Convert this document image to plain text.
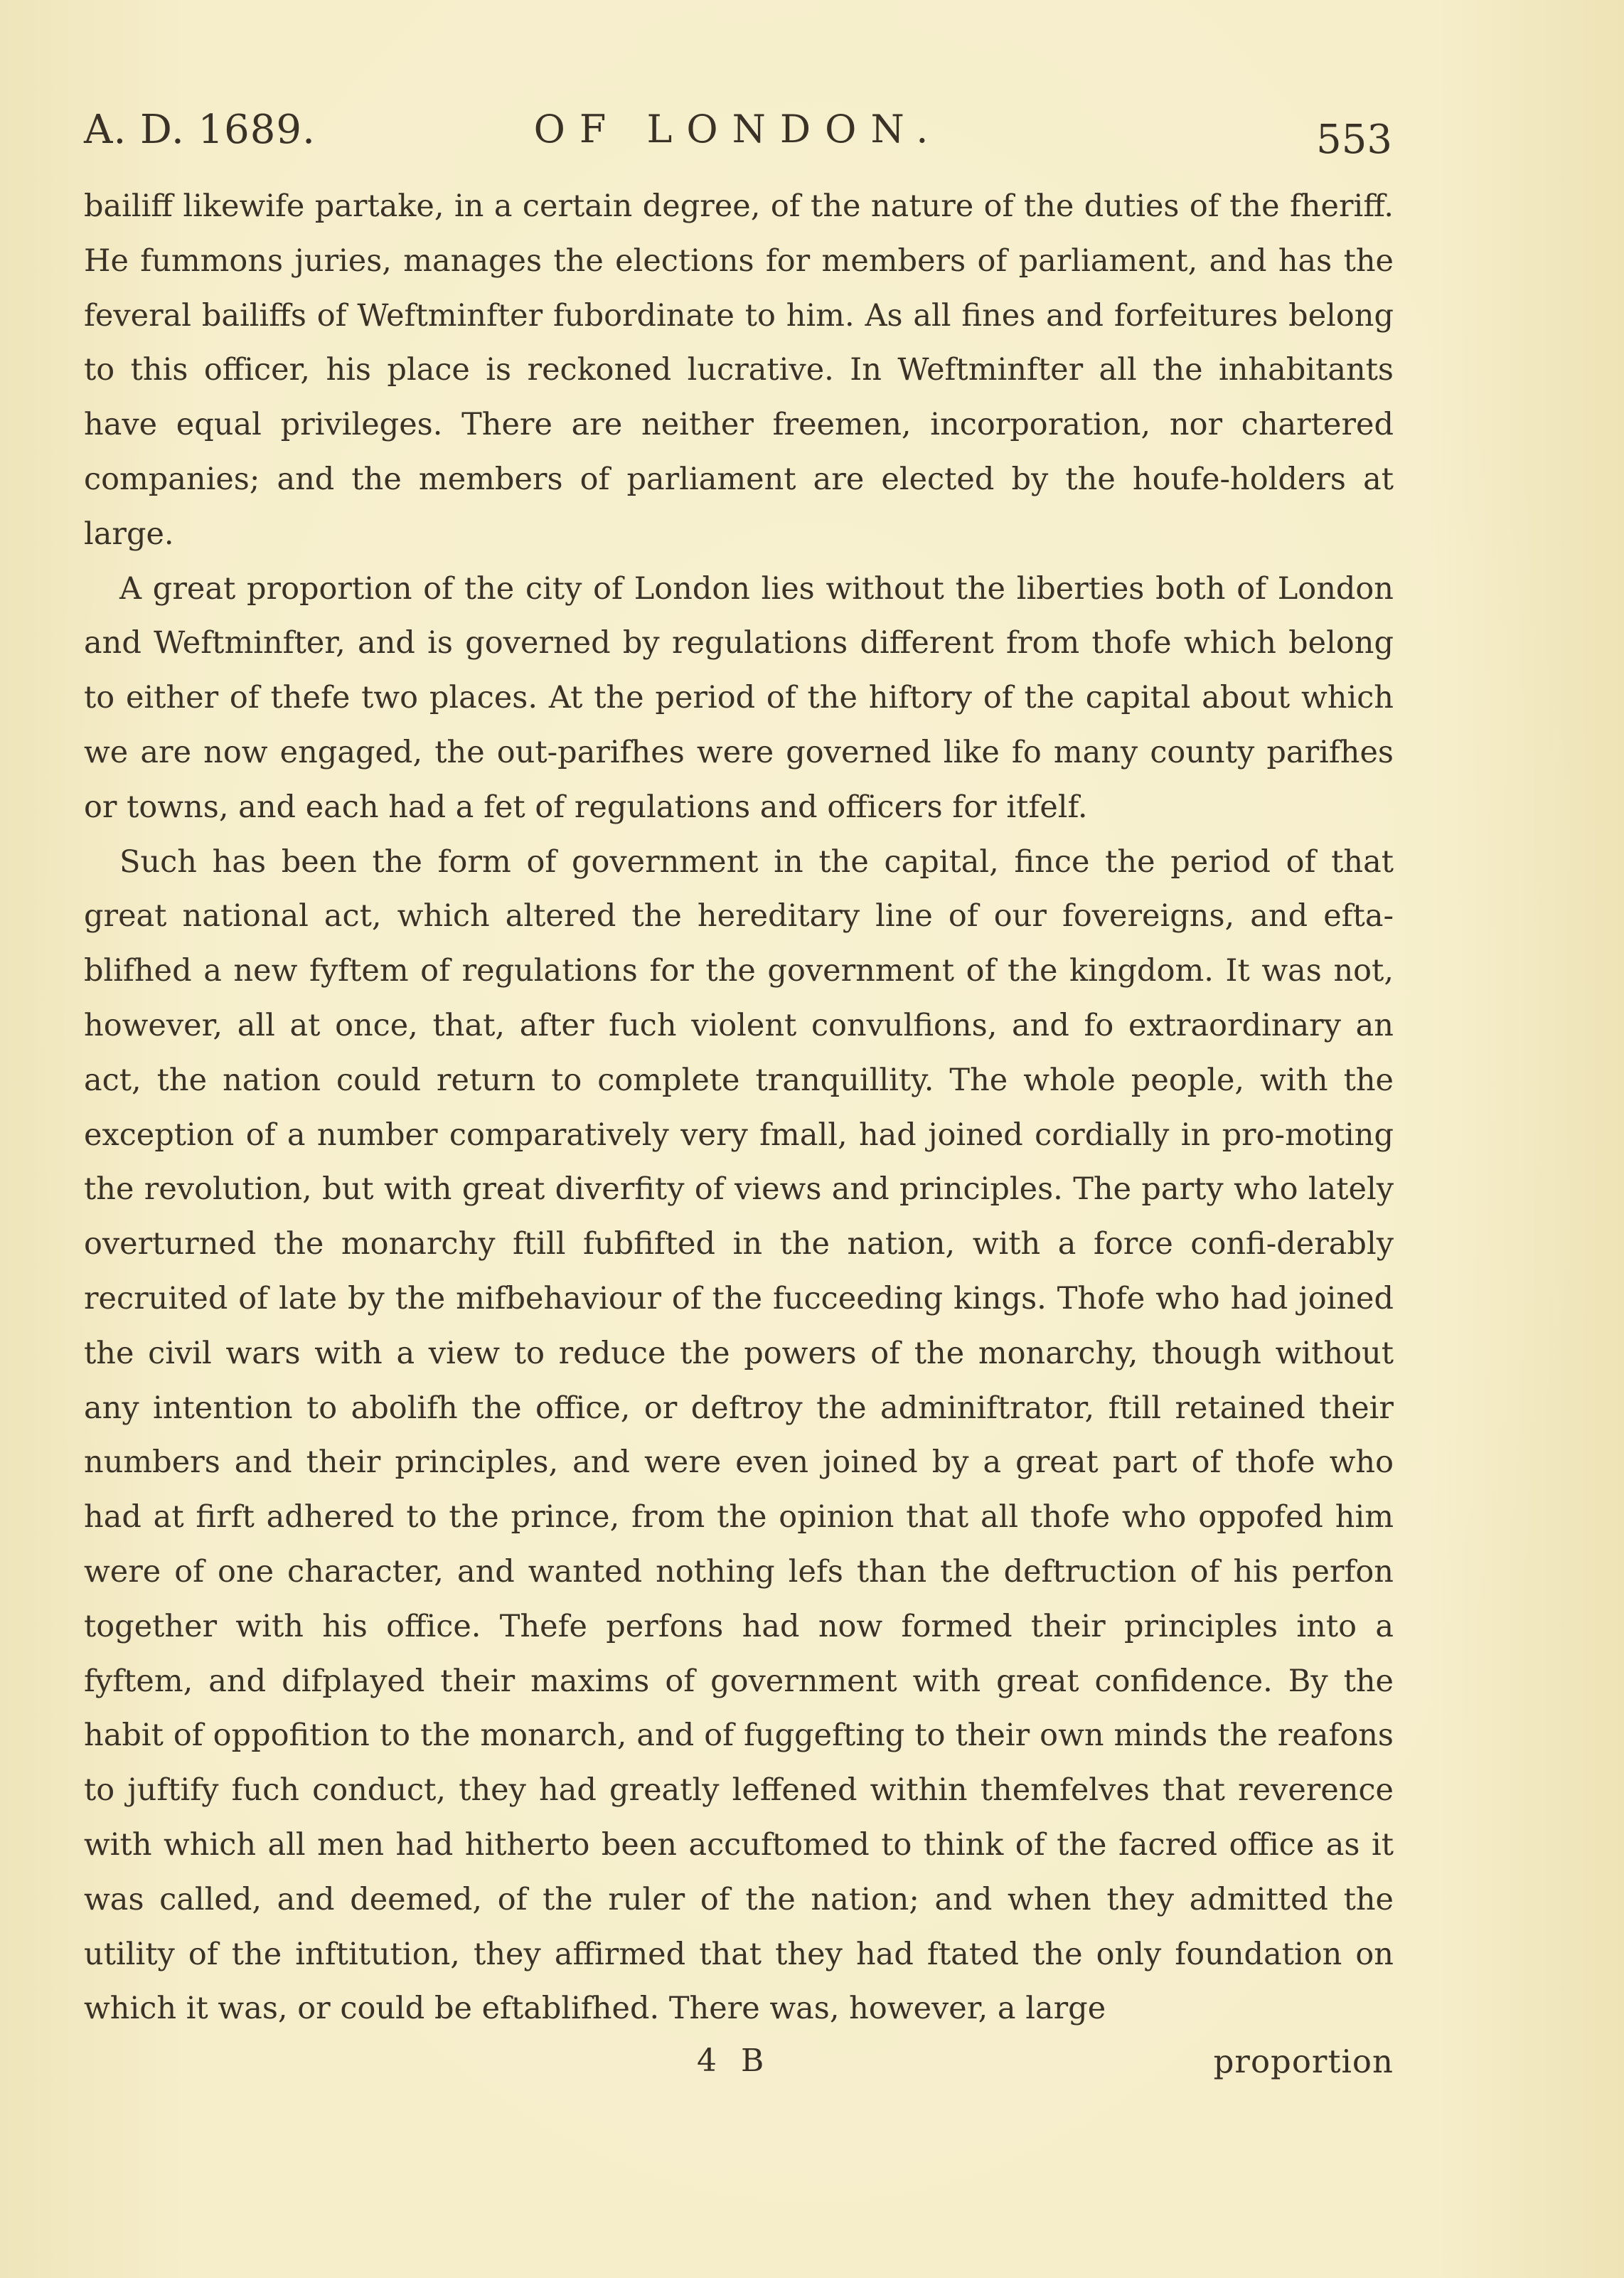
A. D. 1689.	OF LONDON.	553

bailiff likewife partake, in a certain degree, of the nature of the duties of the fheriff. He fummons juries, manages the elections for members of parliament, and has the feveral bailiffs of Weftminfter fubordinate to him. As all fines and forfeitures belong to this officer, his place is reckoned lucrative. In Weftminfter all the inhabitants have equal privileges. There are neither freemen, incorporation, nor chartered companies; and the members of parliament are elected by the houfe-holders at large.

A great proportion of the city of London lies without the liberties both of London and Weftminfter, and is governed by regulations different from thofe which belong to either of thefe two places. At the period of the hiftory of the capital about which we are now engaged, the out-parifhes were governed like fo many county parifhes or towns, and each had a fet of regulations and officers for itfelf.

Such has been the form of government in the capital, fince the period of that great national act, which altered the hereditary line of our fovereigns, and efta-blifhed a new fyftem of regulations for the government of the kingdom. It was not, however, all at once, that, after fuch violent convulfions, and fo extraordinary an act, the nation could return to complete tranquillity. The whole people, with the exception of a number comparatively very fmall, had joined cordially in pro-moting the revolution, but with great diverfity of views and principles. The party who lately overturned the monarchy ftill fubfifted in the nation, with a force confi-derably recruited of late by the mifbehaviour of the fucceeding kings. Thofe who had joined the civil wars with a view to reduce the powers of the monarchy, though without any intention to abolifh the office, or deftroy the adminiftrator, ftill retained their numbers and their principles, and were even joined by a great part of thofe who had at firft adhered to the prince, from the opinion that all thofe who oppofed him were of one character, and wanted nothing lefs than the deftruction of his perfon together with his office. Thefe perfons had now formed their principles into a fyftem, and difplayed their maxims of government with great confidence. By the habit of oppofition to the monarch, and of fuggefting to their own minds the reafons to juftify fuch conduct, they had greatly leffened within themfelves that reverence with which all men had hitherto been accuftomed to think of the facred office as it was called, and deemed, of the ruler of the nation; and when they admitted the utility of the inftitution, they affirmed that they had ftated the only foundation on which it was, or could be eftablifhed. There was, however, a large

4 B	proportion
